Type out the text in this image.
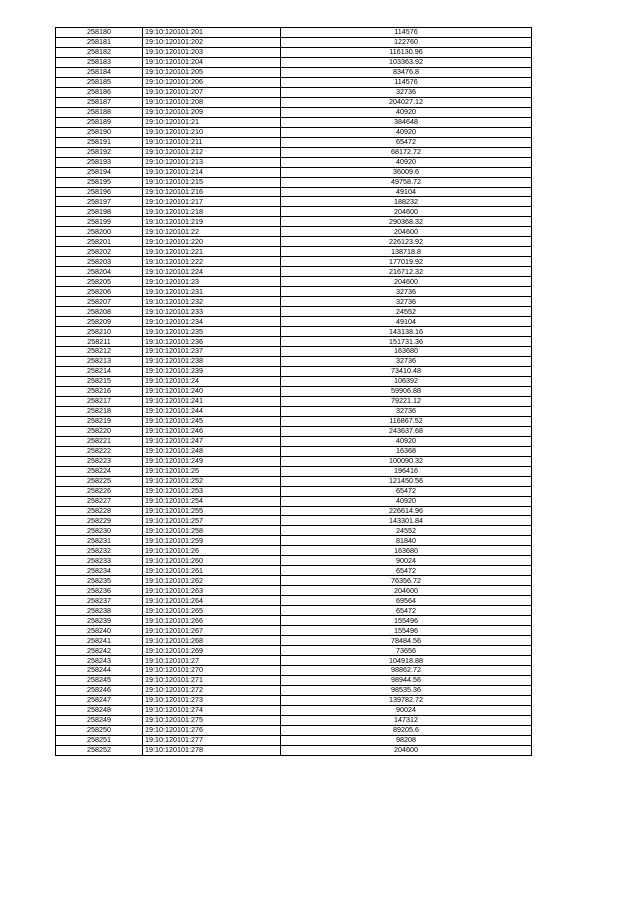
258180	19:10:120101:201	114576
258181	19:10:120101:202	122760
258182	19:10:120101:203	116130.96
258183	19:10:120101:204	103363.92
258184	19:10:120101:205	83476.8
258185	19:10:120101:206	114576
258186	19:10:120101:207	32736
258187	19:10:120101:208	204027.12
258188	19:10:120101:209	40920
258189	19:10:120101:21	384648
258190	19:10:120101:210	40920
258191	19:10:120101:211	65472
258192	19:10:120101:212	68172.72
258193	19:10:120101:213	40920
258194	19:10:120101:214	36009.6
258195	19:10:120101:215	49758.72
258196	19:10:120101:216	49104
258197	19:10:120101:217	188232
258198	19:10:120101:218	204600
258199	19:10:120101:219	290368.32
258200	19:10:120101:22	204600
258201	19:10:120101:220	226123.92
258202	19:10:120101:221	138718.8
258203	19:10:120101:222	177019.92
258204	19:10:120101:224	216712.32
258205	19:10:120101:23	204600
258206	19:10:120101:231	32736
258207	19:10:120101:232	32736
258208	19:10:120101:233	24552
258209	19:10:120101:234	49104
258210	19:10:120101:235	143138.16
258211	19:10:120101:236	151731.36
258212	19:10:120101:237	163680
258213	19:10:120101:238	32736
258214	19:10:120101:239	73410.48
258215	19:10:120101:24	106392
258216	19:10:120101:240	59906.88
258217	19:10:120101:241	79221.12
258218	19:10:120101:244	32736
258219	19:10:120101:245	116867.52
258220	19:10:120101:246	243637.68
258221	19:10:120101:247	40920
258222	19:10:120101:248	16368
258223	19:10:120101:249	100090.32
258224	19:10:120101:25	196416
258225	19:10:120101:252	121450.56
258226	19:10:120101:253	65472
258227	19:10:120101:254	40920
258228	19:10:120101:255	226614.96
258229	19:10:120101:257	143301.84
258230	19:10:120101:258	24552
258231	19:10:120101:259	81840
258232	19:10:120101:26	163680
258233	19:10:120101:260	90024
258234	19:10:120101:261	65472
258235	19:10:120101:262	76356.72
258236	19:10:120101:263	204600
258237	19:10:120101:264	69564
258238	19:10:120101:265	65472
258239	19:10:120101:266	155496
258240	19:10:120101:267	155496
258241	19:10:120101:268	78484.56
258242	19:10:120101:269	73656
258243	19:10:120101:27	104918.88
258244	19:10:120101:270	98862.72
258245	19:10:120101:271	98944.56
258246	19:10:120101:272	98535.36
258247	19:10:120101:273	139782.72
258248	19:10:120101:274	90024
258249	19:10:120101:275	147312
258250	19:10:120101:276	89205.6
258251	19:10:120101:277	98208
258252	19:10:120101:278	204600
